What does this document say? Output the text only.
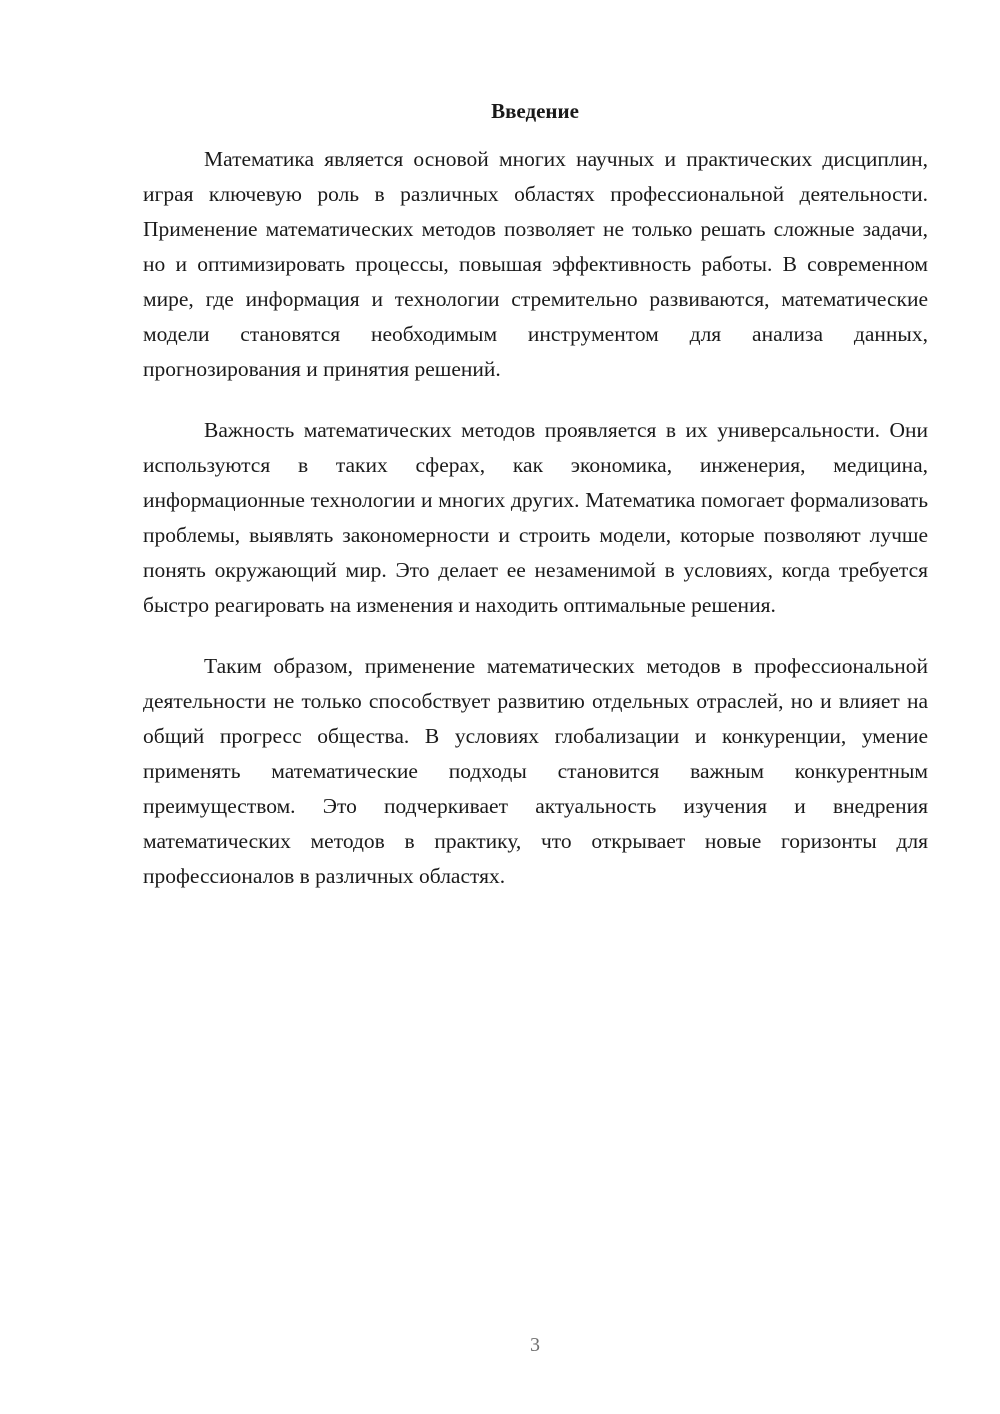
Введение

Математика является основой многих научных и практических дисциплин, играя ключевую роль в различных областях профессиональной деятельности. Применение математических методов позволяет не только решать сложные задачи, но и оптимизировать процессы, повышая эффективность работы. В современном мире, где информация и технологии стремительно развиваются, математические модели становятся необходимым инструментом для анализа данных, прогнозирования и принятия решений.

Важность математических методов проявляется в их универсальности. Они используются в таких сферах, как экономика, инженерия, медицина, информационные технологии и многих других. Математика помогает формализовать проблемы, выявлять закономерности и строить модели, которые позволяют лучше понять окружающий мир. Это делает ее незаменимой в условиях, когда требуется быстро реагировать на изменения и находить оптимальные решения.

Таким образом, применение математических методов в профессиональной деятельности не только способствует развитию отдельных отраслей, но и влияет на общий прогресс общества. В условиях глобализации и конкуренции, умение применять математические подходы становится важным конкурентным преимуществом. Это подчеркивает актуальность изучения и внедрения математических методов в практику, что открывает новые горизонты для профессионалов в различных областях.

3
